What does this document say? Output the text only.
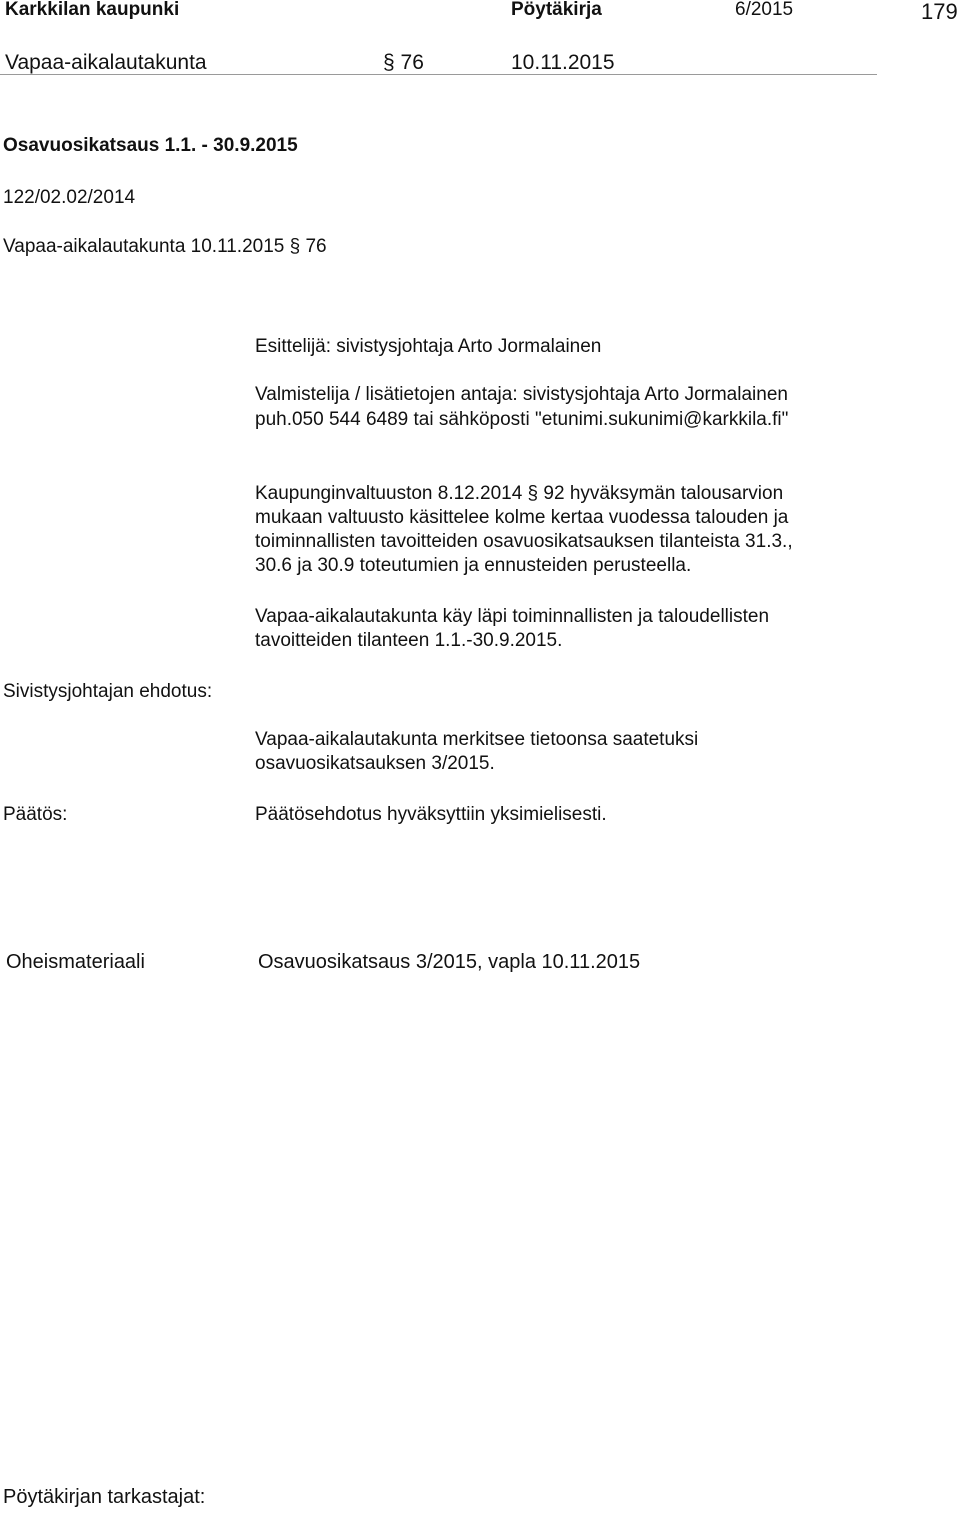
Karkkilan kaupunki	Pöytäkirja	6/2015	179
Vapaa-aikalautakunta	§ 76	10.11.2015
Osavuosikatsaus 1.1. - 30.9.2015
122/02.02/2014
Vapaa-aikalautakunta 10.11.2015 § 76
Esittelijä: sivistysjohtaja Arto Jormalainen
Valmistelija / lisätietojen antaja: sivistysjohtaja Arto Jormalainen
puh.050 544 6489 tai sähköposti "etunimi.sukunimi@karkkila.fi"
Kaupunginvaltuuston 8.12.2014 § 92 hyväksymän talousarvion
mukaan valtuusto käsittelee kolme kertaa vuodessa talouden ja
toiminnallisten tavoitteiden osavuosikatsauksen tilanteista 31.3.,
30.6 ja 30.9 toteutumien ja ennusteiden perusteella.
Vapaa-aikalautakunta käy läpi toiminnallisten ja taloudellisten
tavoitteiden tilanteen 1.1.-30.9.2015.
Sivistysjohtajan ehdotus:
Vapaa-aikalautakunta merkitsee tietoonsa saatetuksi
osavuosikatsauksen 3/2015.
Päätös:	Päätösehdotus hyväksyttiin yksimielisesti.
Oheismateriaali	Osavuosikatsaus 3/2015, vapla 10.11.2015
Pöytäkirjan tarkastajat:
